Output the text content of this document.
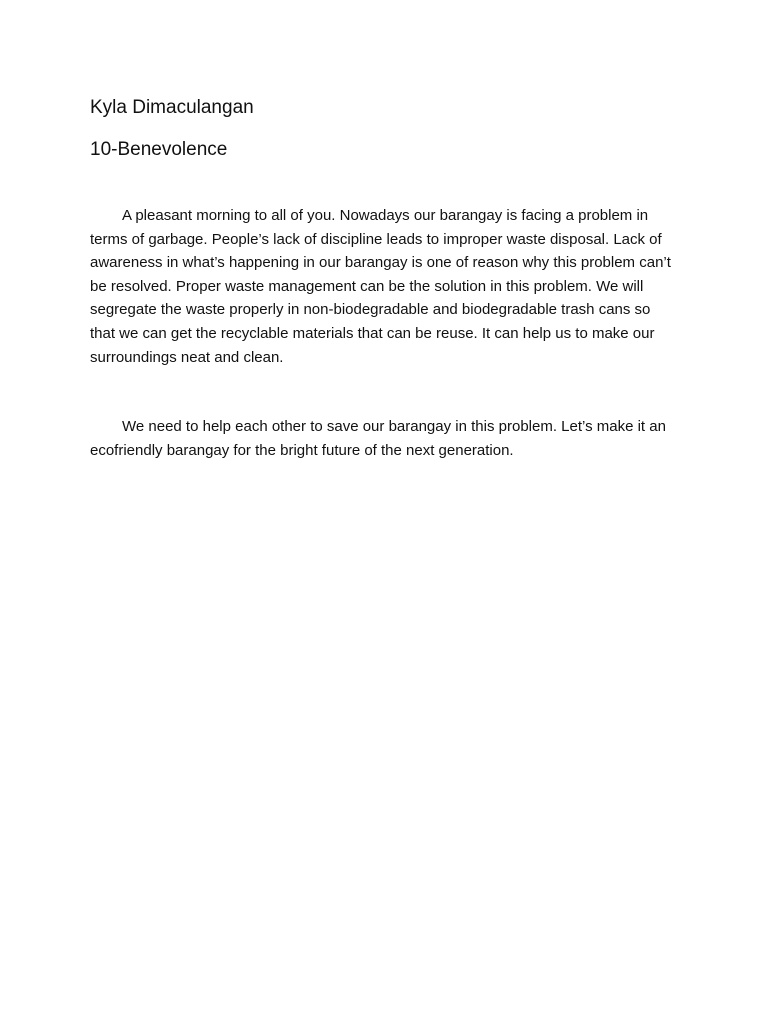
Kyla Dimaculangan
10-Benevolence

A pleasant morning to all of you. Nowadays our barangay is facing a problem in terms of garbage. People’s lack of discipline leads to improper waste disposal. Lack of awareness in what’s happening in our barangay is one of reason why this problem can’t be resolved. Proper waste management can be the solution in this problem. We will segregate the waste properly in non-biodegradable and biodegradable trash cans so that we can get the recyclable materials that can be reuse. It can help us to make our surroundings neat and clean.

We need to help each other to save our barangay in this problem. Let’s make it an ecofriendly barangay for the bright future of the next generation.
